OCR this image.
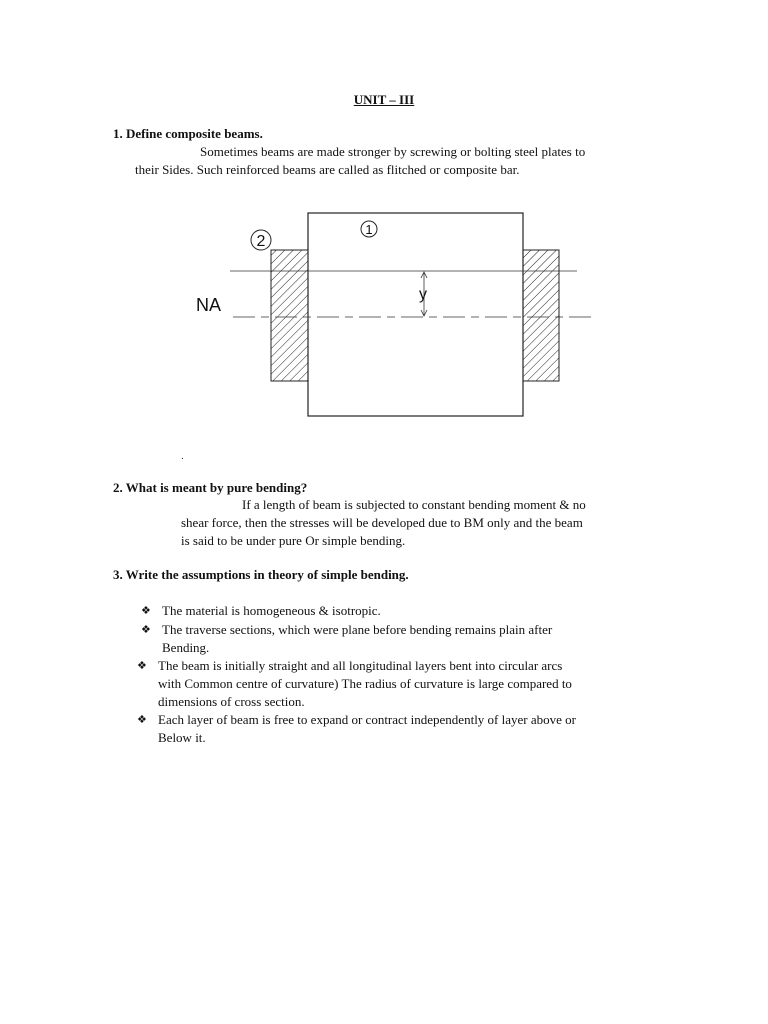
UNIT – III
1. Define composite beams.
Sometimes beams are made stronger by screwing or bolting steel plates to
their Sides. Such reinforced beams are called as flitched or composite bar.
2
1
NA
y
.
2. What is meant by pure bending?
If a length of beam is subjected to constant bending moment & no
shear force, then the stresses will be developed due to BM only and the beam
is said to be under pure Or simple bending.
3. Write the assumptions in theory of simple bending.
❖ The material is homogeneous & isotropic.
❖ The traverse sections, which were plane before bending remains plain after
Bending.
❖ The beam is initially straight and all longitudinal layers bent into circular arcs
with Common centre of curvature) The radius of curvature is large compared to
dimensions of cross section.
❖ Each layer of beam is free to expand or contract independently of layer above or
Below it.
